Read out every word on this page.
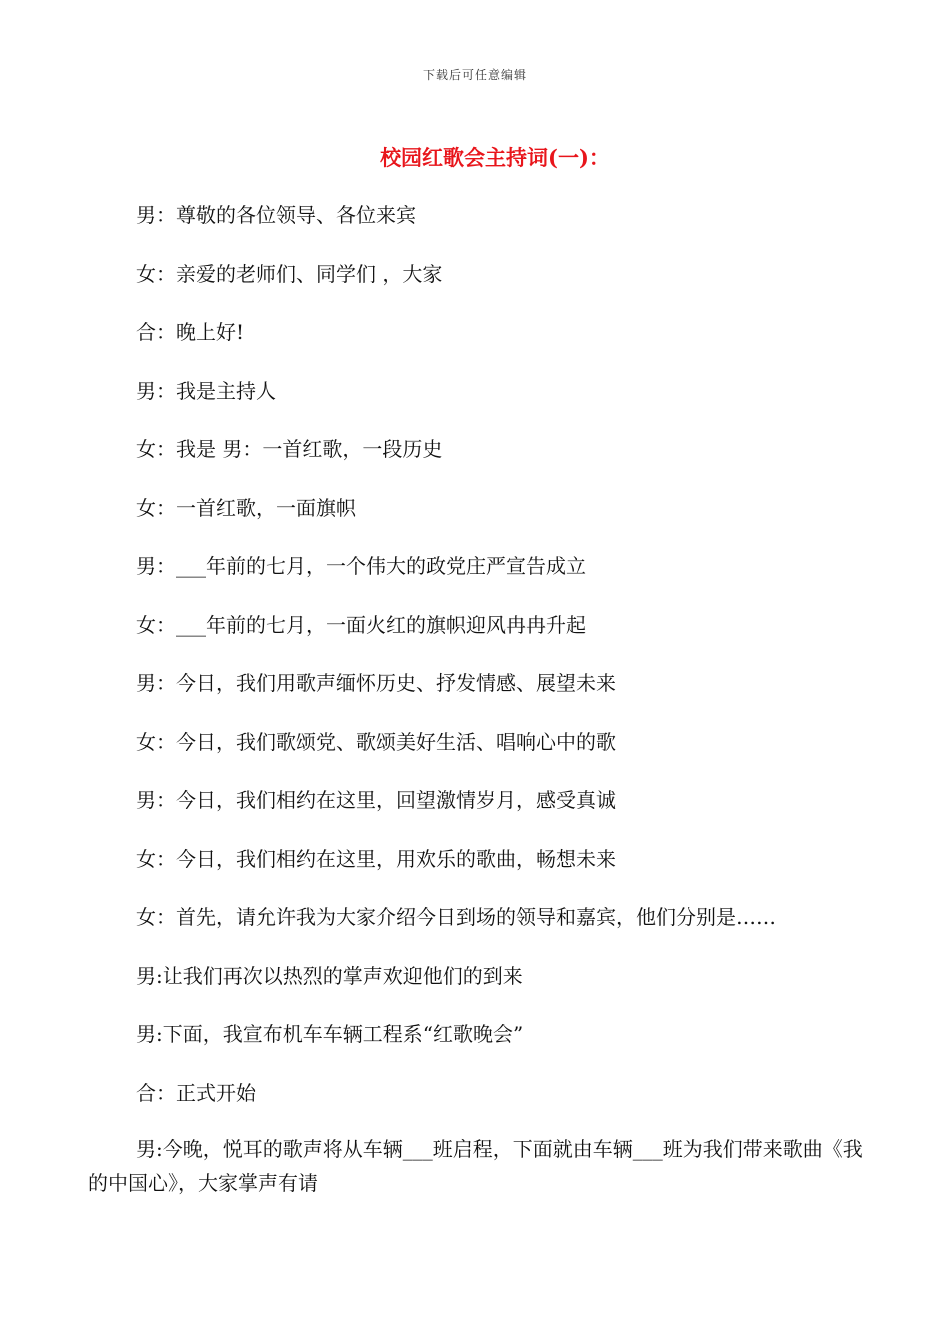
下载后可任意编辑
校园红歌会主持词(一)：
男：尊敬的各位领导、各位来宾
女：亲爱的老师们、同学们 ，大家
合：晚上好!
男：我是主持人
女：我是 男：一首红歌，一段历史
女：一首红歌，一面旗帜
男：___年前的七月，一个伟大的政党庄严宣告成立
女：___年前的七月，一面火红的旗帜迎风冉冉升起
男：今日，我们用歌声缅怀历史、抒发情感、展望未来
女：今日，我们歌颂党、歌颂美好生活、唱响心中的歌
男：今日，我们相约在这里，回望激情岁月，感受真诚
女：今日，我们相约在这里，用欢乐的歌曲，畅想未来
女：首先，请允许我为大家介绍今日到场的领导和嘉宾，他们分别是……
男:让我们再次以热烈的掌声欢迎他们的到来
男:下面，我宣布机车车辆工程系“红歌晚会”
合：正式开始

男:今晚，悦耳的歌声将从车辆___班启程，下面就由车辆___班为我们带来歌曲《我的中国心》，大家掌声有请
